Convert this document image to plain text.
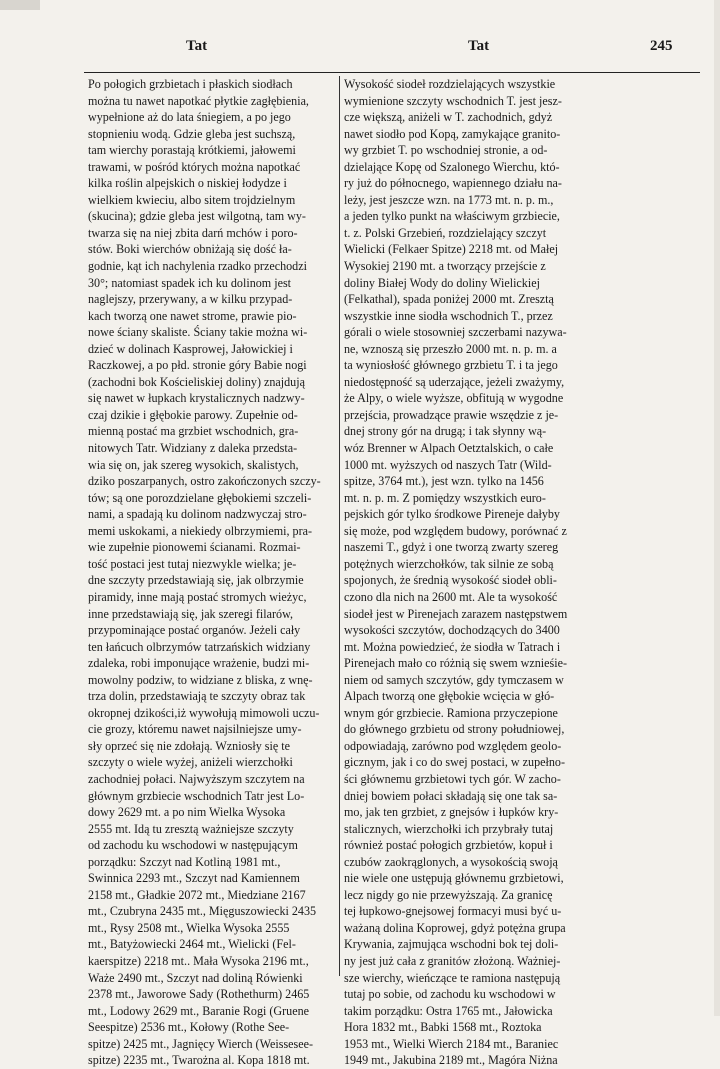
Tat	Tat	245
Po połogich grzbietach i płaskich siodłach
można tu nawet napotkać płytkie zagłębienia,
wypełnione aż do lata śniegiem, a po jego
stopnieniu wodą. Gdzie gleba jest suchszą,
tam wierchy porastają krótkiemi, jałowemi
trawami, w pośród których można napotkać
kilka roślin alpejskich o niskiej łodydze i
wielkiem kwieciu, albo sitem trojdzielnym
(skucina); gdzie gleba jest wilgotną, tam wy-
twarza się na niej zbita darń mchów i poro-
stów. Boki wierchów obniżają się dość ła-
godnie, kąt ich nachylenia rzadko przechodzi
30°; natomiast spadek ich ku dolinom jest
naglejszy, przerywany, a w kilku przypad-
kach tworzą one nawet strome, prawie pio-
nowe ściany skaliste. Ściany takie można wi-
dzieć w dolinach Kasprowej, Jałowickiej i
Raczkowej, a po płd. stronie góry Babie nogi
(zachodni bok Kościeliskiej doliny) znajdują
się nawet w łupkach krystalicznych nadzwy-
czaj dzikie i głębokie parowy. Zupełnie od-
mienną postać ma grzbiet wschodnich, gra-
nitowych Tatr. Widziany z daleka przedsta-
wia się on, jak szereg wysokich, skalistych,
dziko poszarpanych, ostro zakończonych szczy-
tów; są one porozdzielane głębokiemi szczeli-
nami, a spadają ku dolinom nadzwyczaj stro-
memi uskokami, a niekiedy olbrzymiemi, pra-
wie zupełnie pionowemi ścianami. Rozmai-
tość postaci jest tutaj niezwykle wielka; je-
dne szczyty przedstawiają się, jak olbrzymie
piramidy, inne mają postać stromych wieżyc,
inne przedstawiają się, jak szeregi filarów,
przypominające postać organów. Jeżeli cały
ten łańcuch olbrzymów tatrzańskich widziany
zdaleka, robi imponujące wrażenie, budzi mi-
mowolny podziw, to widziane z bliska, z wnę-
trza dolin, przedstawiają te szczyty obraz tak
okropnej dzikości,iż wywołują mimowoli uczu-
cie grozy, któremu nawet najsilniejsze umy-
sły oprzeć się nie zdołają. Wzniosły się te
szczyty o wiele wyżej, aniżeli wierzchołki
zachodniej połaci. Najwyższym szczytem na
głównym grzbiecie wschodnich Tatr jest Lo-
dowy 2629 mt. a po nim Wielka Wysoka
2555 mt. Idą tu zresztą ważniejsze szczyty
od zachodu ku wschodowi w następującym
porządku: Szczyt nad Kotliną 1981 mt.,
Swinnica 2293 mt., Szczyt nad Kamiennem
2158 mt., Gładkie 2072 mt., Miedziane 2167
mt., Czubryna 2435 mt., Mięguszowiecki 2435
mt., Rysy 2508 mt., Wielka Wysoka 2555
mt., Batyżowiecki 2464 mt., Wielicki (Fel-
kaerspitze) 2218 mt.. Mała Wysoka 2196 mt.,
Waże 2490 mt., Szczyt nad doliną Rówienki
2378 mt., Jaworowe Sady (Rothethurm) 2465
mt., Lodowy 2629 mt., Baranie Rogi (Gruene
Seespitze) 2536 mt., Kołowy (Rothe See-
spitze) 2425 mt., Jagnięcy Wierch (Weissesee-
spitze) 2235 mt., Twarożna al. Kopa 1818 mt.
Wysokość siodeł rozdzielających wszystkie
wymienione szczyty wschodnich T. jest jesz-
cze większą, aniżeli w T. zachodnich, gdyż
nawet siodło pod Kopą, zamykające granito-
wy grzbiet T. po wschodniej stronie, a od-
dzielające Kopę od Szalonego Wierchu, któ-
ry już do północnego, wapiennego działu na-
leży, jest jeszcze wzn. na 1773 mt. n. p. m.,
a jeden tylko punkt na właściwym grzbiecie,
t. z. Polski Grzebień, rozdzielający szczyt
Wielicki (Felkaer Spitze) 2218 mt. od Małej
Wysokiej 2190 mt. a tworzący przejście z
doliny Białej Wody do doliny Wielickiej
(Felkathal), spada poniżej 2000 mt. Zresztą
wszystkie inne siodła wschodnich T., przez
górali o wiele stosowniej szczerbami nazywa-
ne, wznoszą się przeszło 2000 mt. n. p. m. a
ta wyniosłość głównego grzbietu T. i ta jego
niedostępność są uderzające, jeżeli zważymy,
że Alpy, o wiele wyższe, obfitują w wygodne
przejścia, prowadzące prawie wszędzie z je-
dnej strony gór na drugą; i tak słynny wą-
wóz Brenner w Alpach Oetztalskich, o całe
1000 mt. wyższych od naszych Tatr (Wild-
spitze, 3764 mt.), jest wzn. tylko na 1456
mt. n. p. m. Z pomiędzy wszystkich euro-
pejskich gór tylko środkowe Pireneje dałyby
się może, pod względem budowy, porównać z
naszemi T., gdyż i one tworzą zwarty szereg
potężnych wierzchołków, tak silnie ze sobą
spojonych, że średnią wysokość siodeł obli-
czono dla nich na 2600 mt. Ale ta wysokość
siodeł jest w Pirenejach zarazem następstwem
wysokości szczytów, dochodzących do 3400
mt. Można powiedzieć, że siodła w Tatrach i
Pirenejach mało co różnią się swem wznieśie-
niem od samych szczytów, gdy tymczasem w
Alpach tworzą one głębokie wcięcia w głó-
wnym gór grzbiecie. Ramiona przyczepione
do głównego grzbietu od strony południowej,
odpowiadają, zarówno pod względem geolo-
gicznym, jak i co do swej postaci, w zupełno-
ści głównemu grzbietowi tych gór. W zacho-
dniej bowiem połaci składają się one tak sa-
mo, jak ten grzbiet, z gnejsów i łupków kry-
stalicznych, wierzchołki ich przybrały tutaj
również postać połogich grzbietów, kopuł i
czubów zaokrąglonych, a wysokością swoją
nie wiele one ustępują głównemu grzbietowi,
lecz nigdy go nie przewyższają. Za granicę
tej łupkowo-gnejsowej formacyi musi być u-
ważaną dolina Koprowej, gdyż potężna grupa
Krywania, zajmująca wschodni bok tej doli-
ny jest już cała z granitów złożoną. Ważniej-
sze wierchy, wieńczące te ramiona następują
tutaj po sobie, od zachodu ku wschodowi w
takim porządku: Ostra 1765 mt., Jałowicka
Hora 1832 mt., Babki 1568 mt., Roztoka
1953 mt., Wielki Wierch 2184 mt., Baraniec
1949 mt., Jakubina 2189 mt., Magóra Niżna
